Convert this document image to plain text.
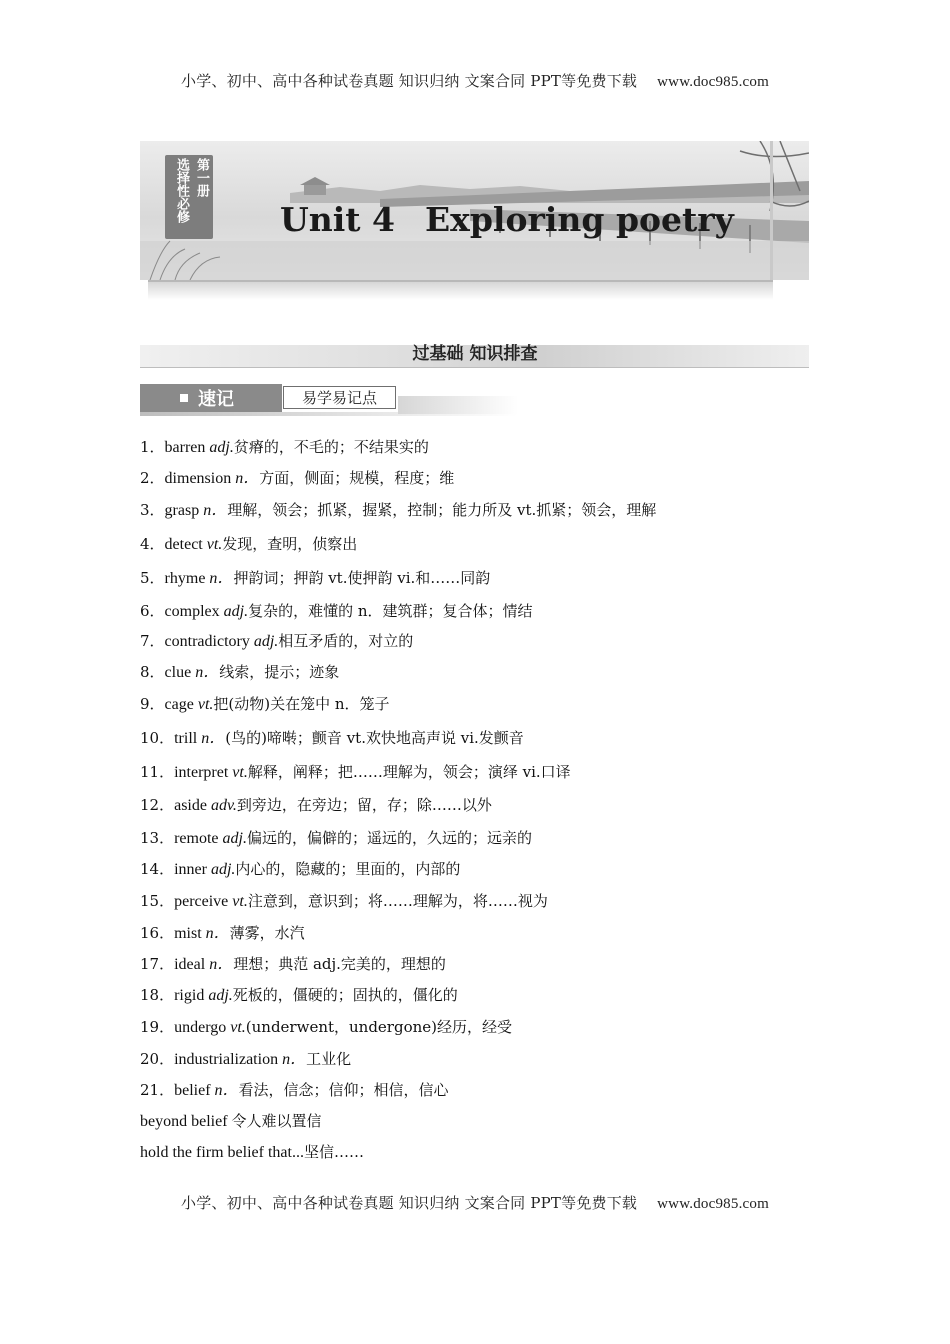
小学、初中、高中各种试卷真题 知识归纳 文案合同 PPT等免费下载 www.doc985.com
选择性必修 第一册
Unit 4 Exploring poetry
过基础 知识排查
速记	易学易记点
1．barren adj.贫瘠的，不毛的；不结果实的
2．dimension n．方面，侧面；规模，程度；维
3．grasp n．理解，领会；抓紧，握紧，控制；能力所及 vt.抓紧；领会，理解
4．detect vt.发现，查明，侦察出
5．rhyme n．押韵词；押韵 vt.使押韵 vi.和……同韵
6．complex adj.复杂的，难懂的 n．建筑群；复合体；情结
7．contradictory adj.相互矛盾的，对立的
8．clue n．线索，提示；迹象
9．cage vt.把(动物)关在笼中 n．笼子
10．trill n．(鸟的)啼啭；颤音 vt.欢快地高声说 vi.发颤音
11．interpret vt.解释，阐释；把……理解为，领会；演绎 vi.口译
12．aside adv.到旁边，在旁边；留，存；除……以外
13．remote adj.偏远的，偏僻的；遥远的，久远的；远亲的
14．inner adj.内心的，隐藏的；里面的，内部的
15．perceive vt.注意到，意识到；将……理解为，将……视为
16．mist n．薄雾，水汽
17．ideal n．理想；典范 adj.完美的，理想的
18．rigid adj.死板的，僵硬的；固执的，僵化的
19．undergo vt.(underwent，undergone)经历，经受
20．industrialization n．工业化
21．belief n．看法，信念；信仰；相信，信心
beyond belief 令人难以置信
hold the firm belief that...坚信……
小学、初中、高中各种试卷真题 知识归纳 文案合同 PPT等免费下载 www.doc985.com
